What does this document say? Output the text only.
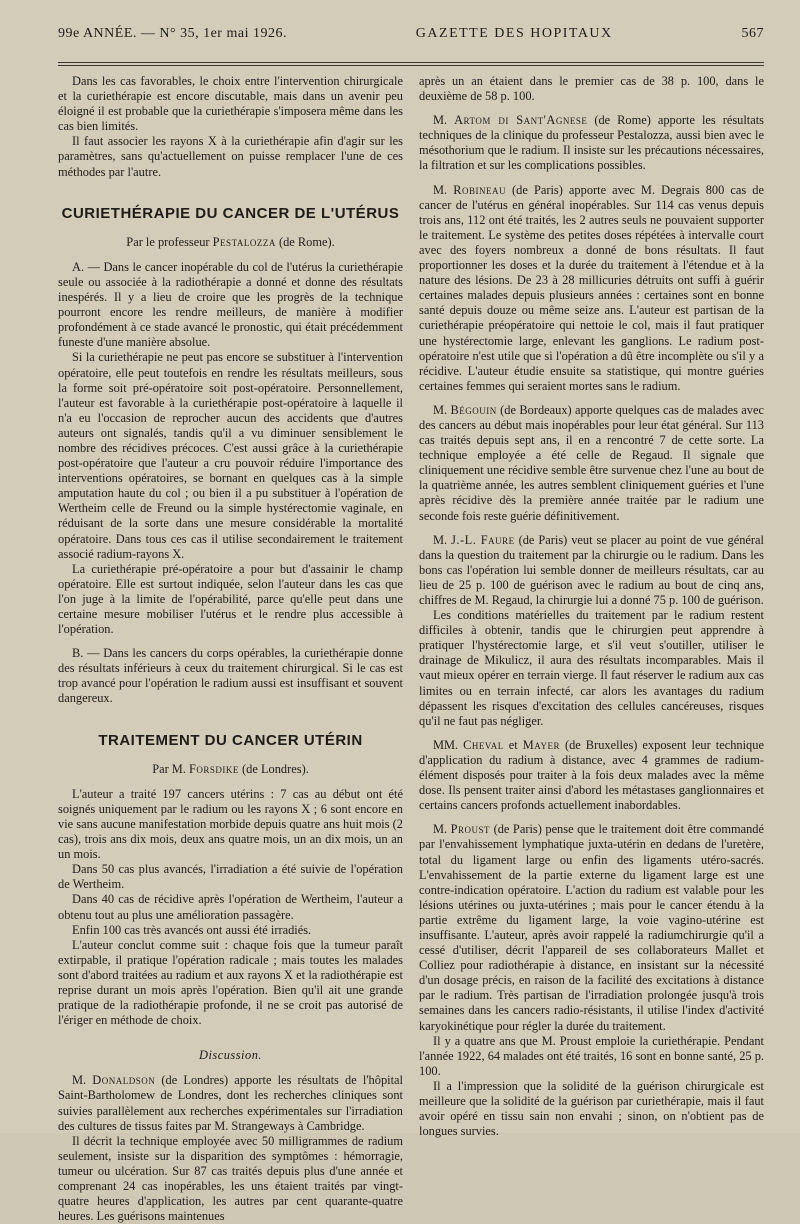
99e ANNÉE. — N° 35, 1er mai 1926.	GAZETTE DES HOPITAUX	567

Dans les cas favorables, le choix entre l'intervention chirurgicale et la curiethérapie est encore discutable, mais dans un avenir peu éloigné il est probable que la curiethérapie s'imposera même dans les cas bien limités.

Il faut associer les rayons X à la curiethérapie afin d'agir sur les paramètres, sans qu'actuellement on puisse remplacer l'une de ces méthodes par l'autre.

CURIETHÉRAPIE DU CANCER DE L'UTÉRUS
Par le professeur Pestalozza (de Rome).

A. — Dans le cancer inopérable du col de l'utérus la curiethérapie seule ou associée à la radiothérapie a donné et donne des résultats inespérés. Il y a lieu de croire que les progrès de la technique pourront encore les rendre meilleurs, de manière à modifier profondément à ce stade avancé le pronostic, qui était précédemment funeste d'une manière absolue.

Si la curiethérapie ne peut pas encore se substituer à l'intervention opératoire, elle peut toutefois en rendre les résultats meilleurs, sous la forme soit pré-opératoire soit post-opératoire. Personnellement, l'auteur est favorable à la curiethérapie post-opératoire à laquelle il n'a eu l'occasion de reprocher aucun des accidents que d'autres auteurs ont signalés, tandis qu'il a vu diminuer sensiblement le nombre des récidives précoces. C'est aussi grâce à la curiethérapie post-opératoire que l'auteur a cru pouvoir réduire l'importance des interventions opératoires, se bornant en quelques cas à la simple amputation haute du col ; ou bien il a pu substituer à l'opération de Wertheim celle de Freund ou la simple hystérectomie vaginale, en réduisant de la sorte dans une mesure considérable la mortalité opératoire. Dans tous ces cas il utilise secondairement le traitement associé radium-rayons X.

La curiethérapie pré-opératoire a pour but d'assainir le champ opératoire. Elle est surtout indiquée, selon l'auteur dans les cas que l'on juge à la limite de l'opérabilité, parce qu'elle peut dans une certaine mesure mobiliser l'utérus et le rendre plus accessible à l'opération.

B. — Dans les cancers du corps opérables, la curiethérapie donne des résultats inférieurs à ceux du traitement chirurgical. Si le cas est trop avancé pour l'opération le radium aussi est insuffisant et souvent dangereux.

TRAITEMENT DU CANCER UTÉRIN
Par M. Forsdike (de Londres).

L'auteur a traité 197 cancers utérins : 7 cas au début ont été soignés uniquement par le radium ou les rayons X ; 6 sont encore en vie sans aucune manifestation morbide depuis quatre ans huit mois (2 cas), trois ans dix mois, deux ans quatre mois, un an dix mois, un an un mois.

Dans 50 cas plus avancés, l'irradiation a été suivie de l'opération de Wertheim.

Dans 40 cas de récidive après l'opération de Wertheim, l'auteur a obtenu tout au plus une amélioration passagère.

Enfin 100 cas très avancés ont aussi été irradiés.

L'auteur conclut comme suit : chaque fois que la tumeur paraît extirpable, il pratique l'opération radicale ; mais toutes les malades sont d'abord traitées au radium et aux rayons X et la radiothérapie est reprise durant un mois après l'opération. Bien qu'il ait une grande pratique de la radiothérapie profonde, il ne se croit pas autorisé de l'ériger en méthode de choix.

Discussion.

M. Donaldson (de Londres) apporte les résultats de l'hôpital Saint-Bartholomew de Londres, dont les recherches cliniques sont suivies parallèlement aux recherches expérimentales sur l'irradiation des cultures de tissus faites par M. Strangeways à Cambridge.

Il décrit la technique employée avec 50 milligrammes de radium seulement, insiste sur la disparition des symptômes : hémorragie, tumeur ou ulcération. Sur 87 cas traités depuis plus d'une année et comprenant 24 cas inopérables, les uns étaient traités par vingt-quatre heures d'application, les autres par cent quarante-quatre heures. Les guérisons maintenues

après un an étaient dans le premier cas de 38 p. 100, dans le deuxième de 58 p. 100.

M. Artom di Sant'Agnese (de Rome) apporte les résultats techniques de la clinique du professeur Pestalozza, aussi bien avec le mésothorium que le radium. Il insiste sur les précautions nécessaires, la filtration et sur les complications possibles.

M. Robineau (de Paris) apporte avec M. Degrais 800 cas de cancer de l'utérus en général inopérables. Sur 114 cas venus depuis trois ans, 112 ont été traités, les 2 autres seuls ne pouvaient supporter le traitement. Le système des petites doses répétées à intervalle court avec des foyers nombreux a donné de bons résultats. Il faut proportionner les doses et la durée du traitement à l'étendue et à la nature des lésions. De 23 à 28 millicuries détruits ont suffi à guérir certaines malades depuis plusieurs années : certaines sont en bonne santé depuis douze ou même seize ans. L'auteur est partisan de la curiethérapie préopératoire qui nettoie le col, mais il faut pratiquer une hystérectomie large, enlevant les ganglions. Le radium post-opératoire n'est utile que si l'opération a dû être incomplète ou s'il y a récidive. L'auteur étudie ensuite sa statistique, qui montre guéries certaines femmes qui seraient mortes sans le radium.

M. Bégouin (de Bordeaux) apporte quelques cas de malades avec des cancers au début mais inopérables pour leur état général. Sur 113 cas traités depuis sept ans, il en a rencontré 7 de cette sorte. La technique employée a été celle de Regaud. Il signale que cliniquement une récidive semble être survenue chez l'une au bout de la quatrième année, les autres semblent cliniquement guéries et l'une après récidive dès la première année traitée par le radium une seconde fois reste guérie définitivement.

M. J.-L. Faure (de Paris) veut se placer au point de vue général dans la question du traitement par la chirurgie ou le radium. Dans les bons cas l'opération lui semble donner de meilleurs résultats, car au lieu de 25 p. 100 de guérison avec le radium au bout de cinq ans, chiffres de M. Regaud, la chirurgie lui a donné 75 p. 100 de guérison.

Les conditions matérielles du traitement par le radium restent difficiles à obtenir, tandis que le chirurgien peut apprendre à pratiquer l'hystérectomie large, et s'il veut s'outiller, utiliser le drainage de Mikulicz, il aura des résultats incomparables. Mais il vaut mieux opérer en terrain vierge. Il faut réserver le radium aux cas limites ou en terrain infecté, car alors les avantages du radium dépassent les risques d'excitation des cellules cancéreuses, risques qu'il ne faut pas négliger.

MM. Cheval et Mayer (de Bruxelles) exposent leur technique d'application du radium à distance, avec 4 grammes de radium-élément disposés pour traiter à la fois deux malades avec la même dose. Ils pensent traiter ainsi d'abord les métastases ganglionnaires et certains cancers profonds actuellement inabordables.

M. Proust (de Paris) pense que le traitement doit être commandé par l'envahissement lymphatique juxta-utérin en dedans de l'uretère, total du ligament large ou enfin des ligaments utéro-sacrés. L'envahissement de la partie externe du ligament large est une contre-indication opératoire. L'action du radium est valable pour les lésions utérines ou juxta-utérines ; mais pour le cancer étendu à la partie extrême du ligament large, la voie vagino-utérine est insuffisante. L'auteur, après avoir rappelé la radiumchirurgie qu'il a cessé d'utiliser, décrit l'appareil de ses collaborateurs Mallet et Colliez pour radiothérapie à distance, en insistant sur la nécessité d'un dosage précis, en raison de la facilité des excitations à distance par le radium. Très partisan de l'irradiation prolongée jusqu'à trois semaines dans les cancers radio-résistants, il utilise l'index d'activité karyokinétique pour régler la durée du traitement.

Il y a quatre ans que M. Proust emploie la curiethérapie. Pendant l'année 1922, 64 malades ont été traités, 16 sont en bonne santé, 25 p. 100.

Il a l'impression que la solidité de la guérison chirurgicale est meilleure que la solidité de la guérison par curiethérapie, mais il faut avoir opéré en tissu sain non envahi ; sinon, on n'obtient pas de longues survies.
